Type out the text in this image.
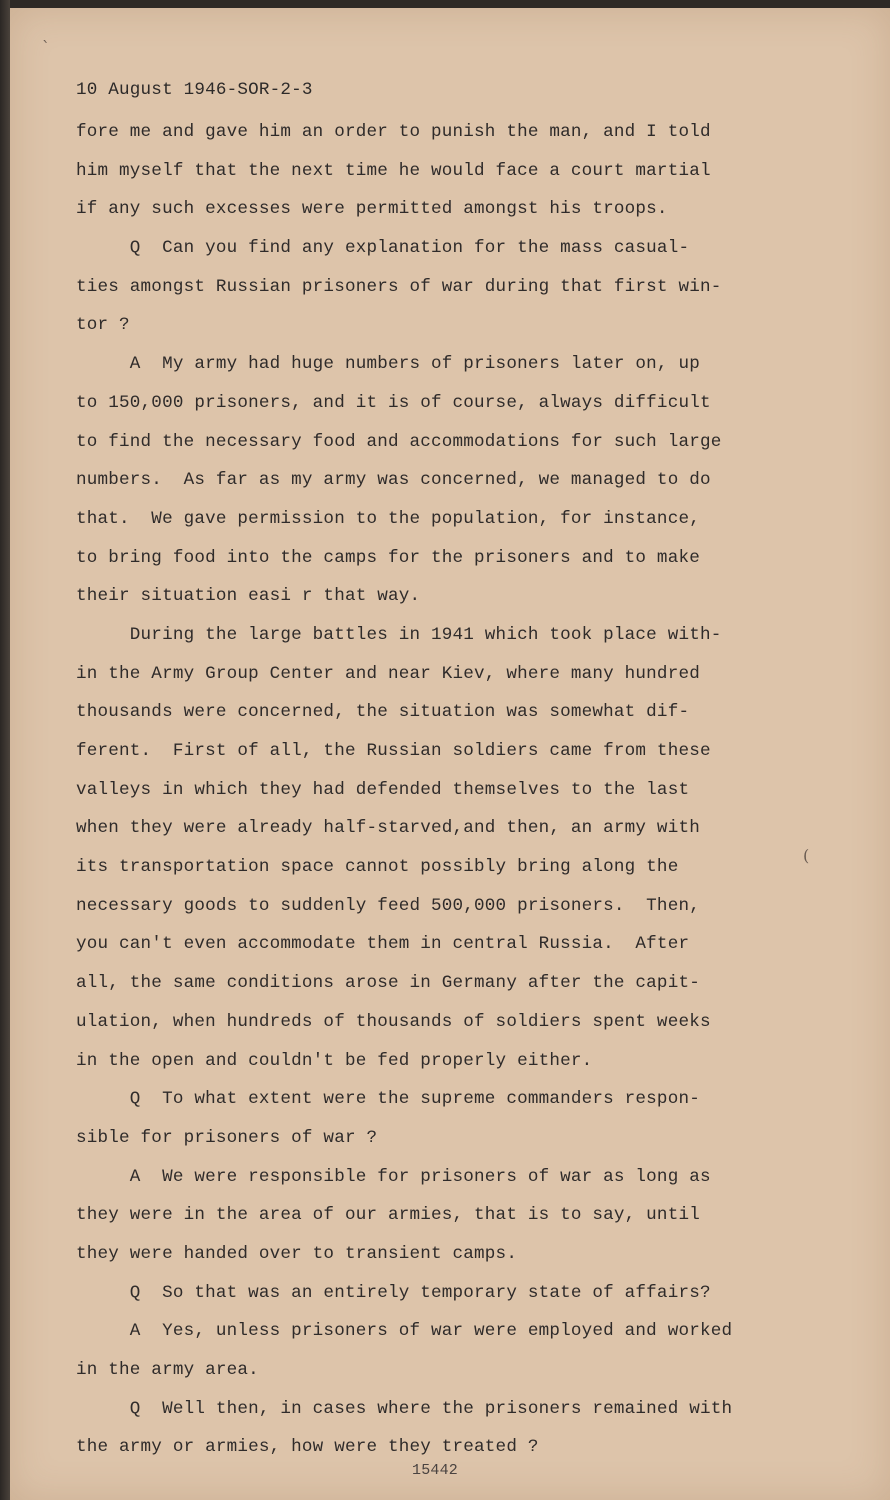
ˋ
(
10 August 1946-SOR-2-3
fore me and gave him an order to punish the man, and I told
him myself that the next time he would face a court martial
if any such excesses were permitted amongst his troops.
Q  Can you find any explanation for the mass casual-
ties amongst Russian prisoners of war during that first win-
tor ?
A  My army had huge numbers of prisoners later on, up
to 150,000 prisoners, and it is of course, always difficult
to find the necessary food and accommodations for such large
numbers.  As far as my army was concerned, we managed to do
that.  We gave permission to the population, for instance,
to bring food into the camps for the prisoners and to make
their situation easi r that way.
During the large battles in 1941 which took place with-
in the Army Group Center and near Kiev, where many hundred
thousands were concerned, the situation was somewhat dif-
ferent.  First of all, the Russian soldiers came from these
valleys in which they had defended themselves to the last
when they were already half-starved,and then, an army with
its transportation space cannot possibly bring along the
necessary goods to suddenly feed 500,000 prisoners.  Then,
you can't even accommodate them in central Russia.  After
all, the same conditions arose in Germany after the capit-
ulation, when hundreds of thousands of soldiers spent weeks
in the open and couldn't be fed properly either.
Q  To what extent were the supreme commanders respon-
sible for prisoners of war ?
A  We were responsible for prisoners of war as long as
they were in the area of our armies, that is to say, until
they were handed over to transient camps.
Q  So that was an entirely temporary state of affairs?
A  Yes, unless prisoners of war were employed and worked
in the army area.
Q  Well then, in cases where the prisoners remained with
the army or armies, how were they treated ?
15442
